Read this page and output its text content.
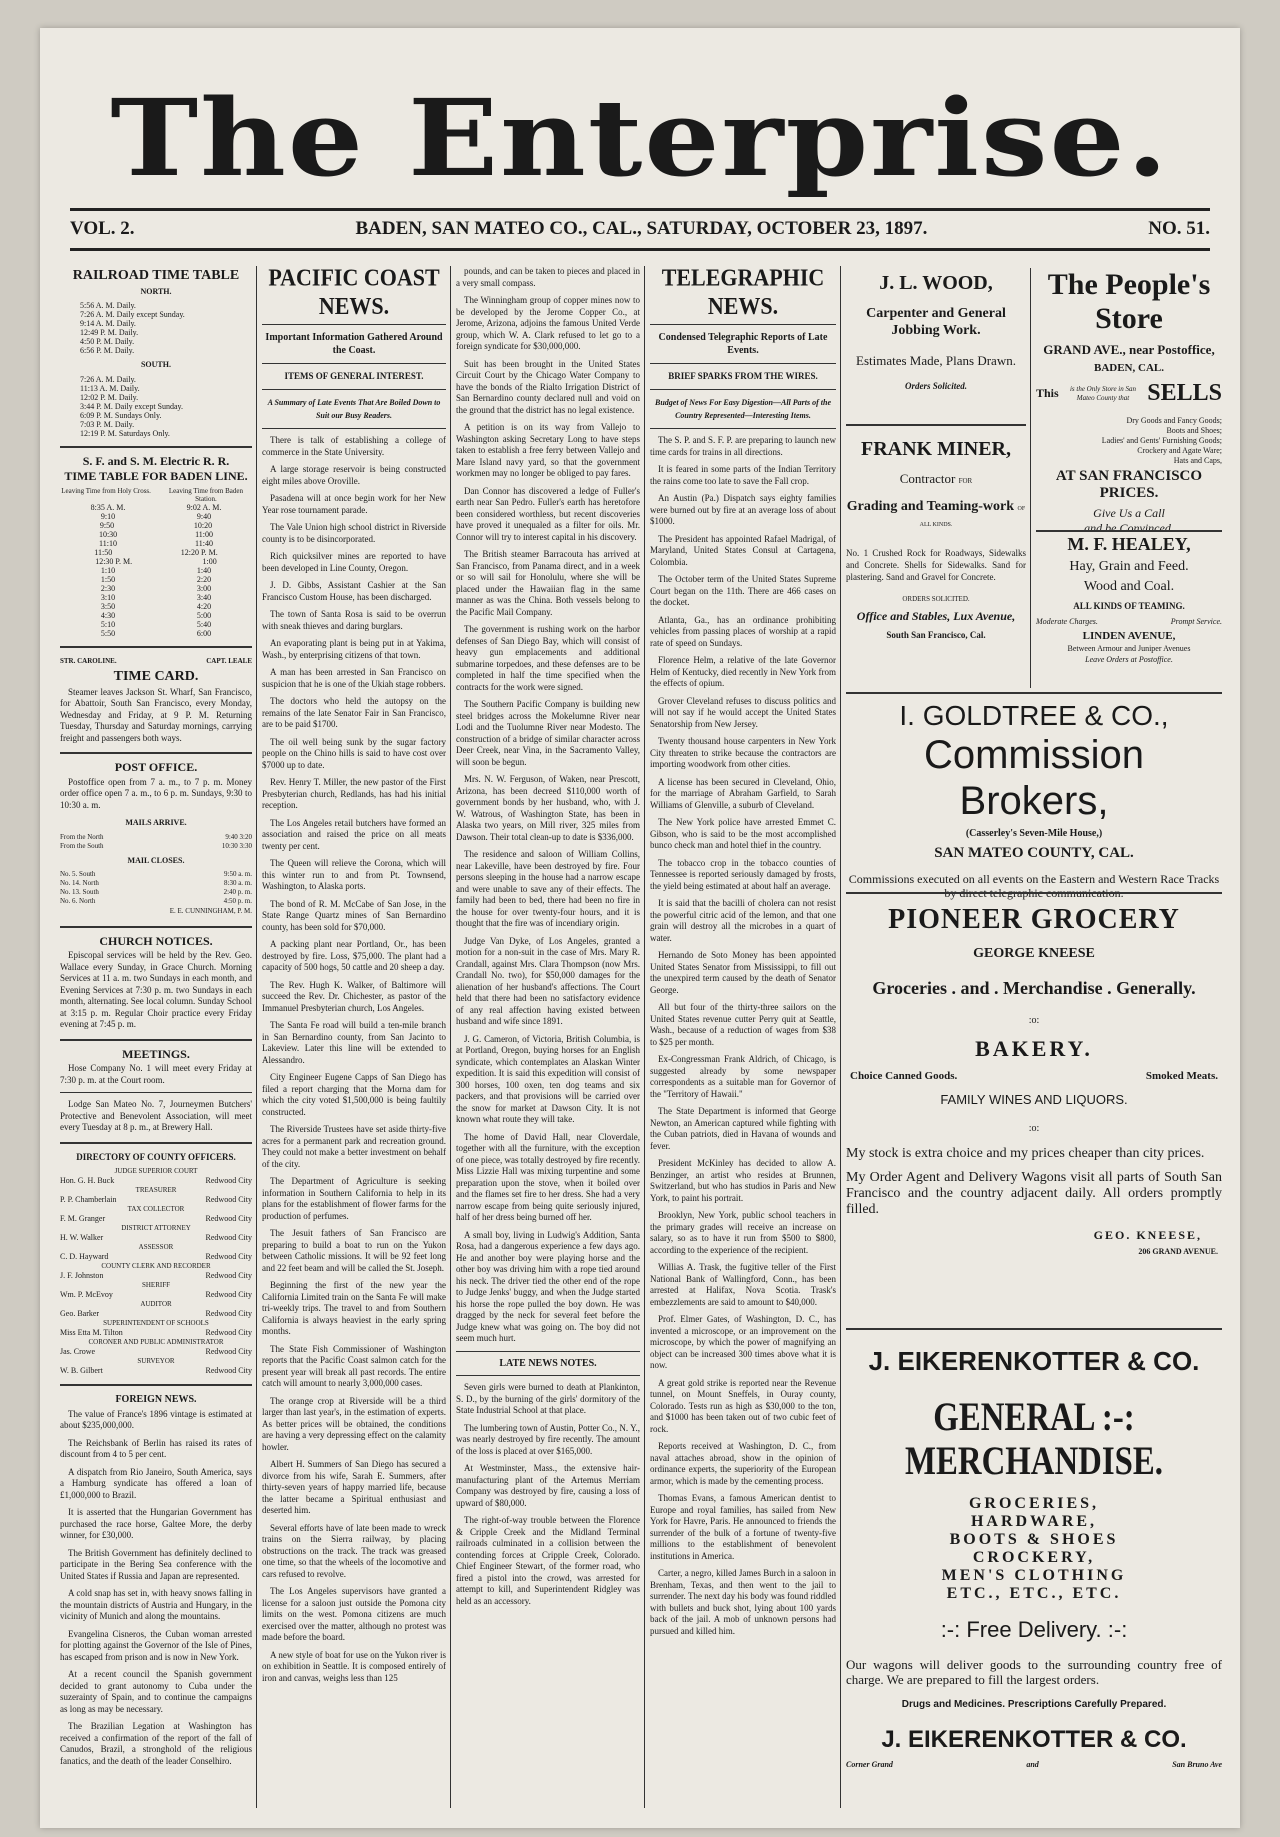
The Enterprise.
VOL. 2.	BADEN, SAN MATEO CO., CAL., SATURDAY, OCTOBER 23, 1897.	NO. 51.
RAILROAD TIME TABLE
NORTH.
5:56 A. M. Daily.
7:26 A. M. Daily except Sunday.
9:14 A. M. Daily.
12:49 P. M. Daily.
4:50 P. M. Daily.
6:56 P. M. Daily.
SOUTH.
7:26 A. M. Daily.
11:13 A. M. Daily.
12:02 P. M. Daily.
3:44 P. M. Daily except Sunday.
6:09 P. M. Sundays Only.
7:03 P. M. Daily.
12:19 P. M. Saturdays Only.
S. F. and S. M. Electric R. R.
TIME TABLE FOR BADEN LINE.
Leaving Time from Holy Cross.	Leaving Time from Baden Station.
8:35 A. M.	9:02 A. M.
9:10	9:40
9:50	10:20
10:30	11:00
11:10	11:40
11:50	12:20 P. M.
12:30 P. M.	1:00
1:10	1:40
1:50	2:20
2:30	3:00
3:10	3:40
3:50	4:20
4:30	5:00
5:10	5:40
5:50	6:00
STR. CAROLINE.	CAPT. LEALE
TIME CARD.

Steamer leaves Jackson St. Wharf, San Francisco, for Abattoir, South San Francisco, every Monday, Wednesday and Friday, at 9 P. M. Returning Tuesday, Thursday and Saturday mornings, carrying freight and passengers both ways.

POST OFFICE.

Postoffice open from 7 a. m., to 7 p. m. Money order office open 7 a. m., to 6 p. m. Sundays, 9:30 to 10:30 a. m.

MAILS ARRIVE.
From the North	9:40 3:20
From the South	10:30 3:30
MAIL CLOSES.
No. 5. South	9:50 a. m.
No. 14. North	8:30 a. m.
No. 13. South	2:40 p. m.
No. 6. North	4:50 p. m.
E. E. CUNNINGHAM, P. M.
CHURCH NOTICES.

Episcopal services will be held by the Rev. Geo. Wallace every Sunday, in Grace Church. Morning Services at 11 a. m. two Sundays in each month, and Evening Services at 7:30 p. m. two Sundays in each month, alternating. See local column. Sunday School at 3:15 p. m. Regular Choir practice every Friday evening at 7:45 p. m.

MEETINGS.

Hose Company No. 1 will meet every Friday at 7:30 p. m. at the Court room.

Lodge San Mateo No. 7, Journeymen Butchers' Protective and Benevolent Association, will meet every Tuesday at 8 p. m., at Brewery Hall.

DIRECTORY OF COUNTY OFFICERS.
JUDGE SUPERIOR COURT
Hon. G. H. Buck	Redwood City
TREASURER
P. P. Chamberlain	Redwood City
TAX COLLECTOR
F. M. Granger	Redwood City
DISTRICT ATTORNEY
H. W. Walker	Redwood City
ASSESSOR
C. D. Hayward	Redwood City
COUNTY CLERK AND RECORDER
J. F. Johnston	Redwood City
SHERIFF
Wm. P. McEvoy	Redwood City
AUDITOR
Geo. Barker	Redwood City
SUPERINTENDENT OF SCHOOLS
Miss Etta M. Tilton	Redwood City
CORONER AND PUBLIC ADMINISTRATOR
Jas. Crowe	Redwood City
SURVEYOR
W. B. Gilbert	Redwood City
FOREIGN NEWS.

The value of France's 1896 vintage is estimated at about $235,000,000.

The Reichsbank of Berlin has raised its rates of discount from 4 to 5 per cent.

A dispatch from Rio Janeiro, South America, says a Hamburg syndicate has offered a loan of £1,000,000 to Brazil.

It is asserted that the Hungarian Government has purchased the race horse, Galtee More, the derby winner, for £30,000.

The British Government has definitely declined to participate in the Bering Sea conference with the United States if Russia and Japan are represented.

A cold snap has set in, with heavy snows falling in the mountain districts of Austria and Hungary, in the vicinity of Munich and along the mountains.

Evangelina Cisneros, the Cuban woman arrested for plotting against the Governor of the Isle of Pines, has escaped from prison and is now in New York.

At a recent council the Spanish government decided to grant autonomy to Cuba under the suzerainty of Spain, and to continue the campaigns as long as may be necessary.

The Brazilian Legation at Washington has received a confirmation of the report of the fall of Canudos, Brazil, a stronghold of the religious fanatics, and the death of the leader Conselhiro.

PACIFIC COAST NEWS.
Important Information Gathered Around the Coast.
ITEMS OF GENERAL INTEREST.
A Summary of Late Events That Are Boiled Down to Suit our Busy Readers.

There is talk of establishing a college of commerce in the State University.

A large storage reservoir is being constructed eight miles above Oroville.

Pasadena will at once begin work for her New Year rose tournament parade.

The Vale Union high school district in Riverside county is to be disincorporated.

Rich quicksilver mines are reported to have been developed in Line County, Oregon.

J. D. Gibbs, Assistant Cashier at the San Francisco Custom House, has been discharged.

The town of Santa Rosa is said to be overrun with sneak thieves and daring burglars.

An evaporating plant is being put in at Yakima, Wash., by enterprising citizens of that town.

A man has been arrested in San Francisco on suspicion that he is one of the Ukiah stage robbers.

The doctors who held the autopsy on the remains of the late Senator Fair in San Francisco, are to be paid $1700.

The oil well being sunk by the sugar factory people on the Chino hills is said to have cost over $7000 up to date.

Rev. Henry T. Miller, the new pastor of the First Presbyterian church, Redlands, has had his initial reception.

The Los Angeles retail butchers have formed an association and raised the price on all meats twenty per cent.

The Queen will relieve the Corona, which will this winter run to and from Pt. Townsend, Washington, to Alaska ports.

The bond of R. M. McCabe of San Jose, in the State Range Quartz mines of San Bernardino county, has been sold for $70,000.

A packing plant near Portland, Or., has been destroyed by fire. Loss, $75,000. The plant had a capacity of 500 hogs, 50 cattle and 20 sheep a day.

The Rev. Hugh K. Walker, of Baltimore will succeed the Rev. Dr. Chichester, as pastor of the Immanuel Presbyterian church, Los Angeles.

The Santa Fe road will build a ten-mile branch in San Bernardino county, from San Jacinto to Lakeview. Later this line will be extended to Alessandro.

City Engineer Eugene Capps of San Diego has filed a report charging that the Morna dam for which the city voted $1,500,000 is being faultily constructed.

The Riverside Trustees have set aside thirty-five acres for a permanent park and recreation ground. They could not make a better investment on behalf of the city.

The Department of Agriculture is seeking information in Southern California to help in its plans for the establishment of flower farms for the production of perfumes.

The Jesuit fathers of San Francisco are preparing to build a boat to run on the Yukon between Catholic missions. It will be 92 feet long and 22 feet beam and will be called the St. Joseph.

Beginning the first of the new year the California Limited train on the Santa Fe will make tri-weekly trips. The travel to and from Southern California is always heaviest in the early spring months.

The State Fish Commissioner of Washington reports that the Pacific Coast salmon catch for the present year will break all past records. The entire catch will amount to nearly 3,000,000 cases.

The orange crop at Riverside will be a third larger than last year's, in the estimation of experts. As better prices will be obtained, the conditions are having a very depressing effect on the calamity howler.

Albert H. Summers of San Diego has secured a divorce from his wife, Sarah E. Summers, after thirty-seven years of happy married life, because the latter became a Spiritual enthusiast and deserted him.

Several efforts have of late been made to wreck trains on the Sierra railway, by placing obstructions on the track. The track was greased one time, so that the wheels of the locomotive and cars refused to revolve.

The Los Angeles supervisors have granted a license for a saloon just outside the Pomona city limits on the west. Pomona citizens are much exercised over the matter, although no protest was made before the board.

A new style of boat for use on the Yukon river is on exhibition in Seattle. It is composed entirely of iron and canvas, weighs less than 125

pounds, and can be taken to pieces and placed in a very small compass.

The Winningham group of copper mines now to be developed by the Jerome Copper Co., at Jerome, Arizona, adjoins the famous United Verde group, which W. A. Clark refused to let go to a foreign syndicate for $30,000,000.

Suit has been brought in the United States Circuit Court by the Chicago Water Company to have the bonds of the Rialto Irrigation District of San Bernardino county declared null and void on the ground that the district has no legal existence.

A petition is on its way from Vallejo to Washington asking Secretary Long to have steps taken to establish a free ferry between Vallejo and Mare Island navy yard, so that the government workmen may no longer be obliged to pay fares.

Dan Connor has discovered a ledge of Fuller's earth near San Pedro. Fuller's earth has heretofore been considered worthless, but recent discoveries have proved it unequaled as a filter for oils. Mr. Connor will try to interest capital in his discovery.

The British steamer Barracouta has arrived at San Francisco, from Panama direct, and in a week or so will sail for Honolulu, where she will be placed under the Hawaiian flag in the same manner as was the China. Both vessels belong to the Pacific Mail Company.

The government is rushing work on the harbor defenses of San Diego Bay, which will consist of heavy gun emplacements and additional submarine torpedoes, and these defenses are to be completed in half the time specified when the contracts for the work were signed.

The Southern Pacific Company is building new steel bridges across the Mokelumne River near Lodi and the Tuolumne River near Modesto. The construction of a bridge of similar character across Deer Creek, near Vina, in the Sacramento Valley, will soon be begun.

Mrs. N. W. Ferguson, of Waken, near Prescott, Arizona, has been decreed $110,000 worth of government bonds by her husband, who, with J. W. Watrous, of Washington State, has been in Alaska two years, on Mill river, 325 miles from Dawson. Their total clean-up to date is $336,000.

The residence and saloon of William Collins, near Lakeville, have been destroyed by fire. Four persons sleeping in the house had a narrow escape and were unable to save any of their effects. The family had been to bed, there had been no fire in the house for over twenty-four hours, and it is thought that the fire was of incendiary origin.

Judge Van Dyke, of Los Angeles, granted a motion for a non-suit in the case of Mrs. Mary R. Crandall, against Mrs. Clara Thompson (now Mrs. Crandall No. two), for $50,000 damages for the alienation of her husband's affections. The Court held that there had been no satisfactory evidence of any real affection having existed between husband and wife since 1891.

J. G. Cameron, of Victoria, British Columbia, is at Portland, Oregon, buying horses for an English syndicate, which contemplates an Alaskan Winter expedition. It is said this expedition will consist of 300 horses, 100 oxen, ten dog teams and six packers, and that provisions will be carried over the snow for market at Dawson City. It is not known what route they will take.

The home of David Hall, near Cloverdale, together with all the furniture, with the exception of one piece, was totally destroyed by fire recently. Miss Lizzie Hall was mixing turpentine and some preparation upon the stove, when it boiled over and the flames set fire to her dress. She had a very narrow escape from being quite seriously injured, half of her dress being burned off her.

A small boy, living in Ludwig's Addition, Santa Rosa, had a dangerous experience a few days ago. He and another boy were playing horse and the other boy was driving him with a rope tied around his neck. The driver tied the other end of the rope to Judge Jenks' buggy, and when the Judge started his horse the rope pulled the boy down. He was dragged by the neck for several feet before the Judge knew what was going on. The boy did not seem much hurt.

LATE NEWS NOTES.

Seven girls were burned to death at Plankinton, S. D., by the burning of the girls' dormitory of the State Industrial School at that place.

The lumbering town of Austin, Potter Co., N. Y., was nearly destroyed by fire recently. The amount of the loss is placed at over $165,000.

At Westminster, Mass., the extensive hair-manufacturing plant of the Artemus Merriam Company was destroyed by fire, causing a loss of upward of $80,000.

The right-of-way trouble between the Florence & Cripple Creek and the Midland Terminal railroads culminated in a collision between the contending forces at Cripple Creek, Colorado. Chief Engineer Stewart, of the former road, who fired a pistol into the crowd, was arrested for attempt to kill, and Superintendent Ridgley was held as an accessory.

TELEGRAPHIC NEWS.
Condensed Telegraphic Reports of Late Events.
BRIEF SPARKS FROM THE WIRES.
Budget of News For Easy Digestion—All Parts of the Country Represented—Interesting Items.

The S. P. and S. F. P. are preparing to launch new time cards for trains in all directions.

It is feared in some parts of the Indian Territory the rains come too late to save the Fall crop.

An Austin (Pa.) Dispatch says eighty families were burned out by fire at an average loss of about $1000.

The President has appointed Rafael Madrigal, of Maryland, United States Consul at Cartagena, Colombia.

The October term of the United States Supreme Court began on the 11th. There are 466 cases on the docket.

Atlanta, Ga., has an ordinance prohibiting vehicles from passing places of worship at a rapid rate of speed on Sundays.

Florence Helm, a relative of the late Governor Helm of Kentucky, died recently in New York from the effects of opium.

Grover Cleveland refuses to discuss politics and will not say if he would accept the United States Senatorship from New Jersey.

Twenty thousand house carpenters in New York City threaten to strike because the contractors are importing woodwork from other cities.

A license has been secured in Cleveland, Ohio, for the marriage of Abraham Garfield, to Sarah Williams of Glenville, a suburb of Cleveland.

The New York police have arrested Emmet C. Gibson, who is said to be the most accomplished bunco check man and hotel thief in the country.

The tobacco crop in the tobacco counties of Tennessee is reported seriously damaged by frosts, the yield being estimated at about half an average.

It is said that the bacilli of cholera can not resist the powerful citric acid of the lemon, and that one grain will destroy all the microbes in a quart of water.

Hernando de Soto Money has been appointed United States Senator from Mississippi, to fill out the unexpired term caused by the death of Senator George.

All but four of the thirty-three sailors on the United States revenue cutter Perry quit at Seattle, Wash., because of a reduction of wages from $38 to $25 per month.

Ex-Congressman Frank Aldrich, of Chicago, is suggested already by some newspaper correspondents as a suitable man for Governor of the "Territory of Hawaii."

The State Department is informed that George Newton, an American captured while fighting with the Cuban patriots, died in Havana of wounds and fever.

President McKinley has decided to allow A. Benzinger, an artist who resides at Brunnen, Switzerland, but who has studios in Paris and New York, to paint his portrait.

Brooklyn, New York, public school teachers in the primary grades will receive an increase on salary, so as to have it run from $500 to $800, according to the experience of the recipient.

Willias A. Trask, the fugitive teller of the First National Bank of Wallingford, Conn., has been arrested at Halifax, Nova Scotia. Trask's embezzlements are said to amount to $40,000.

Prof. Elmer Gates, of Washington, D. C., has invented a microscope, or an improvement on the microscope, by which the power of magnifying an object can be increased 300 times above what it is now.

A great gold strike is reported near the Revenue tunnel, on Mount Sneffels, in Ouray county, Colorado. Tests run as high as $30,000 to the ton, and $1000 has been taken out of two cubic feet of rock.

Reports received at Washington, D. C., from naval attaches abroad, show in the opinion of ordinance experts, the superiority of the European armor, which is made by the cementing process.

Thomas Evans, a famous American dentist to Europe and royal families, has sailed from New York for Havre, Paris. He announced to friends the surrender of the bulk of a fortune of twenty-five millions to the establishment of benevolent institutions in America.

Carter, a negro, killed James Burch in a saloon in Brenham, Texas, and then went to the jail to surrender. The next day his body was found riddled with bullets and buck shot, lying about 100 yards back of the jail. A mob of unknown persons had pursued and killed him.

J. L. WOOD,
Carpenter and General Jobbing Work.
Estimates Made, Plans Drawn.
Orders Solicited.
FRANK MINER,
Contractor FOR
Grading and Teaming-work OF ALL KINDS.
No. 1 Crushed Rock for Roadways, Sidewalks and Concrete. Shells for Sidewalks. Sand for plastering. Sand and Gravel for Concrete.
ORDERS SOLICITED.
Office and Stables, Lux Avenue,
South San Francisco, Cal.
The People's Store
GRAND AVE., near Postoffice,
BADEN, CAL.
This	is the Only Store in San Mateo County that SELLS
Dry Goods and Fancy Goods;
Boots and Shoes;
Ladies' and Gents' Furnishing Goods;
Crockery and Agate Ware;
Hats and Caps,
AT SAN FRANCISCO PRICES.
Give Us a Call
and be Convinced.
M. F. HEALEY,
Hay, Grain and Feed.
Wood and Coal.
ALL KINDS OF TEAMING.
Moderate Charges.	Prompt Service.
LINDEN AVENUE,
Between Armour and Juniper Avenues
Leave Orders at Postoffice.
I. GOLDTREE & CO.,
Commission Brokers,
(Casserley's Seven-Mile House,)
SAN MATEO COUNTY, CAL.
Commissions executed on all events on the Eastern and Western Race Tracks by direct telegraphic communication.
PIONEER GROCERY
GEORGE KNEESE
Groceries . and . Merchandise . Generally.
:o:
BAKERY.
Choice Canned Goods.	Smoked Meats.
FAMILY WINES AND LIQUORS.
:o:
My stock is extra choice and my prices cheaper than city prices.
My Order Agent and Delivery Wagons visit all parts of South San Francisco and the country adjacent daily. All orders promptly filled.
GEO. KNEESE,
206 GRAND AVENUE.
J. EIKERENKOTTER & CO.
GENERAL :-: MERCHANDISE.
GROCERIES,
HARDWARE,
BOOTS & SHOES
CROCKERY,
MEN'S CLOTHING
ETC., ETC., ETC.
:-: Free Delivery. :-:
Our wagons will deliver goods to the surrounding country free of charge. We are prepared to fill the largest orders.
Drugs and Medicines. Prescriptions Carefully Prepared.
J. EIKERENKOTTER & CO.
Corner Grand	and	San Bruno Ave
